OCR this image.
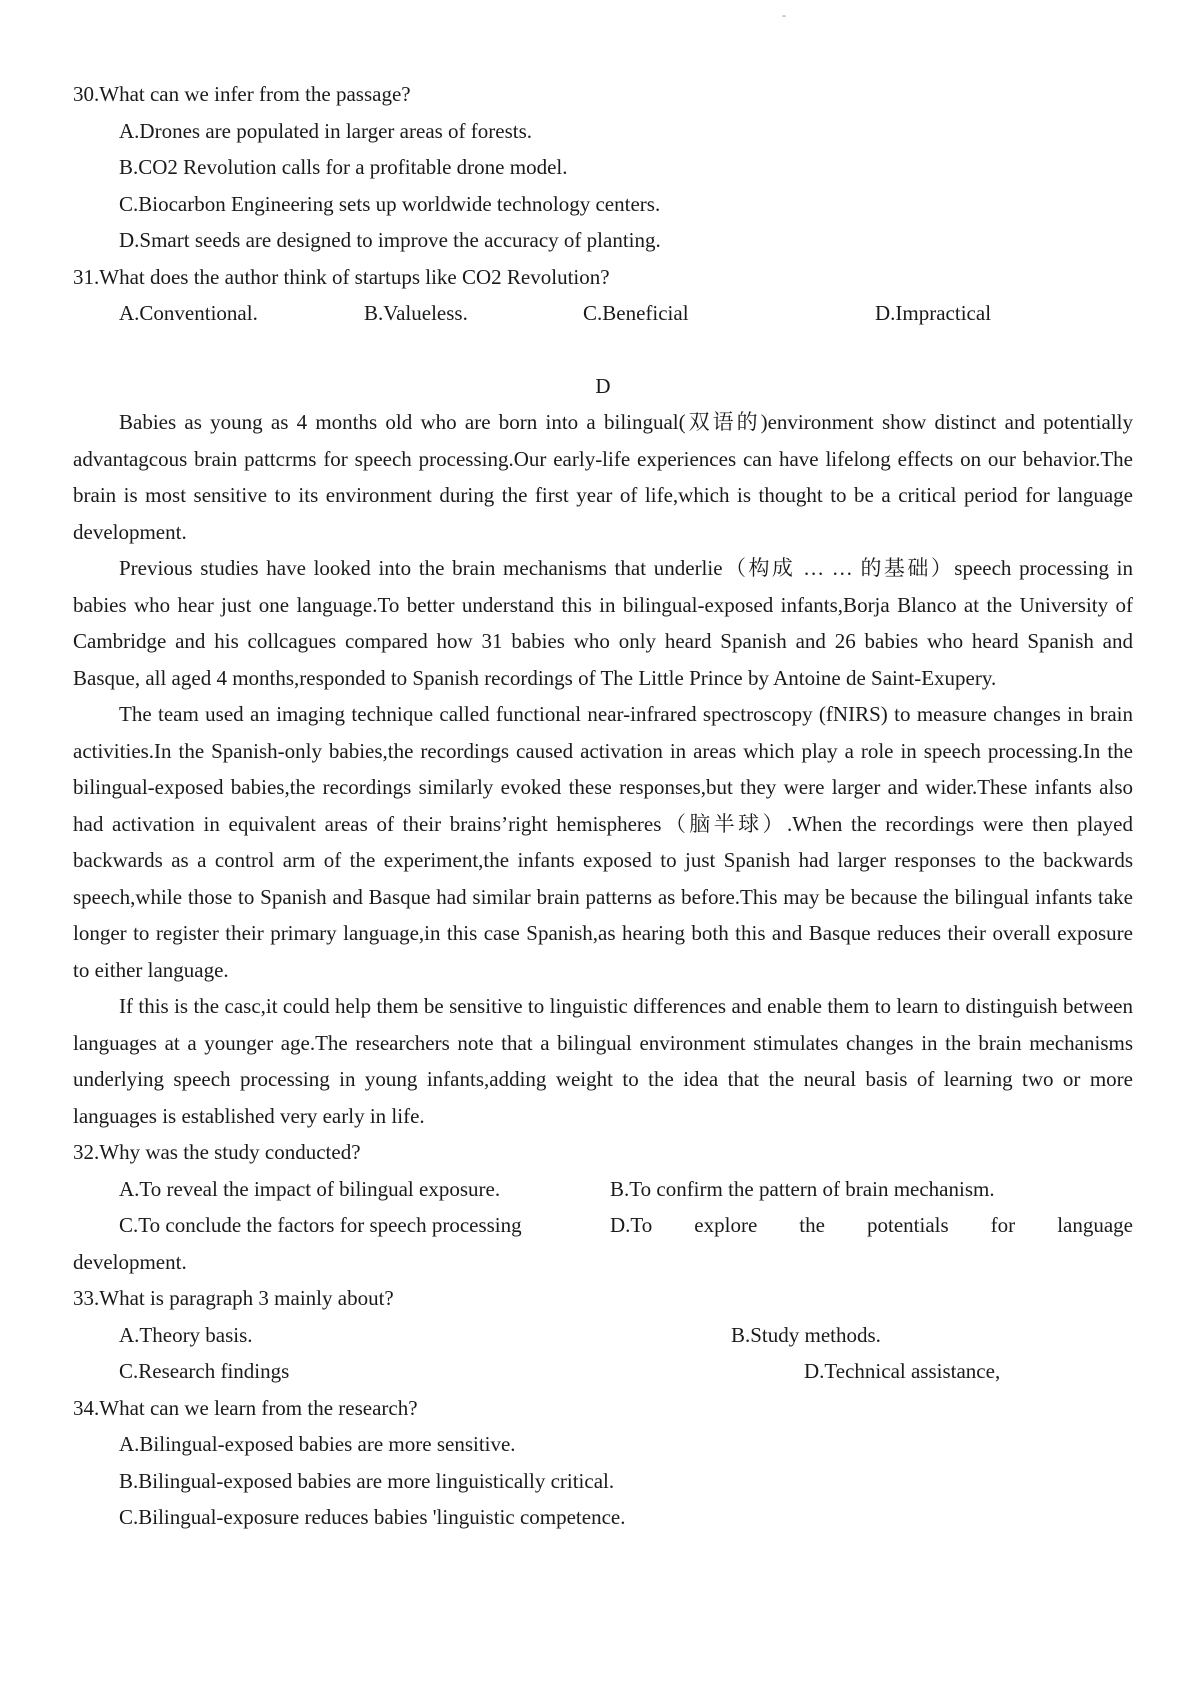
-
30.What can we infer from the passage?
A.Drones are populated in larger areas of forests.
B.CO2 Revolution calls for a profitable drone model.
C.Biocarbon Engineering sets up worldwide technology centers.
D.Smart seeds are designed to improve the accuracy of planting.
31.What does the author think of startups like CO2 Revolution?
A.Conventional.	B.Valueless.	C.Beneficial	D.Impractical
D

Babies as young as 4 months old who are born into a bilingual(双语的)environment show distinct and potentially advantagcous brain pattcrms for speech processing.Our early-life experiences can have lifelong effects on our behavior.The brain is most sensitive to its environment during the first year of life,which is thought to be a critical period for language development.

Previous studies have looked into the brain mechanisms that underlie（构成 … … 的基础）speech processing in babies who hear just one language.To better understand this in bilingual-exposed infants,Borja Blanco at the University of Cambridge and his collcagues compared how 31 babies who only heard Spanish and 26 babies who heard Spanish and Basque, all aged 4 months,responded to Spanish recordings of The Little Prince by Antoine de Saint-Exupery.

The team used an imaging technique called functional near-infrared spectroscopy (fNIRS) to measure changes in brain activities.In the Spanish-only babies,the recordings caused activation in areas which play a role in speech processing.In the bilingual-exposed babies,the recordings similarly evoked these responses,but they were larger and wider.These infants also had activation in equivalent areas of their brains’right hemispheres（脑半球）.When the recordings were then played backwards as a control arm of the experiment,the infants exposed to just Spanish had larger responses to the backwards speech,while those to Spanish and Basque had similar brain patterns as before.This may be because the bilingual infants take longer to register their primary language,in this case Spanish,as hearing both this and Basque reduces their overall exposure to either language.

If this is the casc,it could help them be sensitive to linguistic differences and enable them to learn to distinguish between languages at a younger age.The researchers note that a bilingual environment stimulates changes in the brain mechanisms underlying speech processing in young infants,adding weight to the idea that the neural basis of learning two or more languages is established very early in life.

32.Why was the study conducted?
A.To reveal the impact of bilingual exposure.	B.To confirm the pattern of brain mechanism.
C.To conclude the factors for speech processing	D.To explore the potentials for language
development.
33.What is paragraph 3 mainly about?
A.Theory basis.	B.Study methods.
C.Research findings	D.Technical assistance,
34.What can we learn from the research?
A.Bilingual-exposed babies are more sensitive.
B.Bilingual-exposed babies are more linguistically critical.
C.Bilingual-exposure reduces babies 'linguistic competence.
